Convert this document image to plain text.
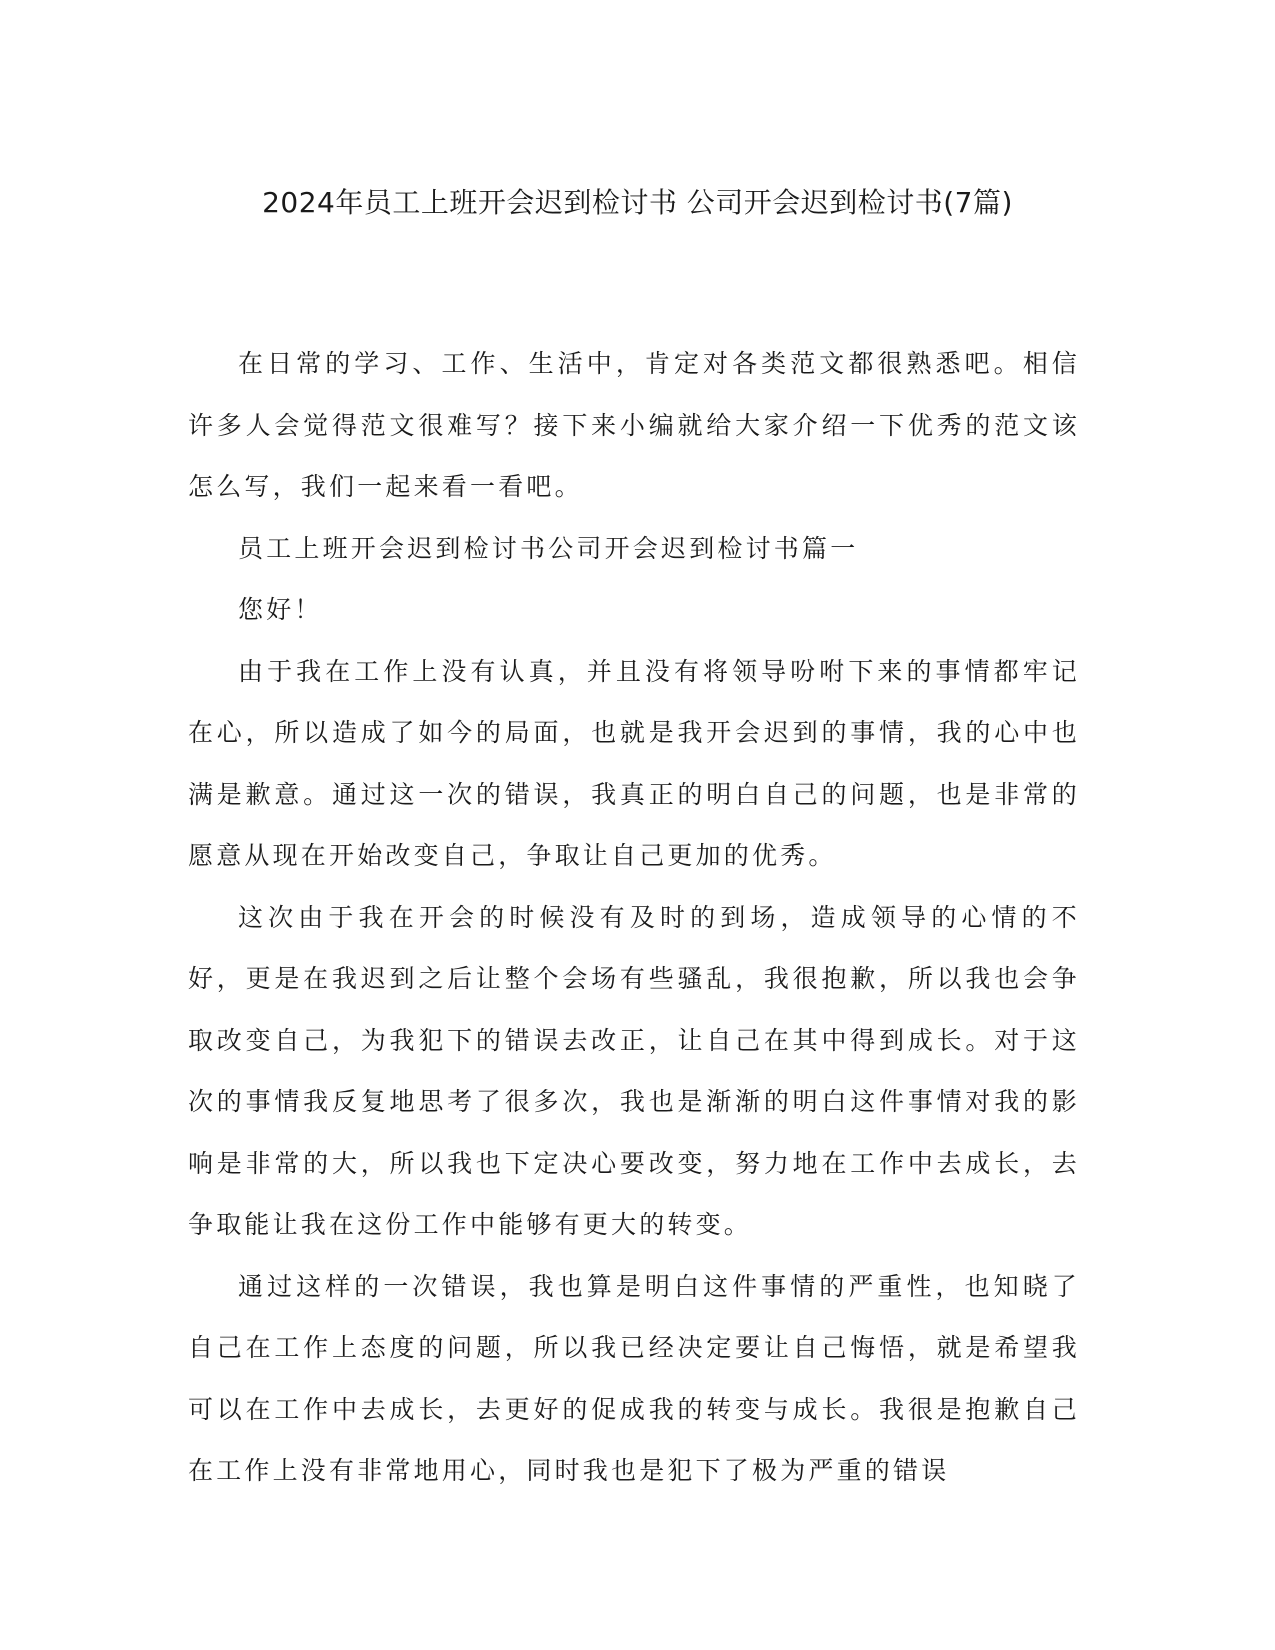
2024年员工上班开会迟到检讨书 公司开会迟到检讨书(7篇)

在日常的学习、工作、生活中，肯定对各类范文都很熟悉吧。相信许多人会觉得范文很难写？接下来小编就给大家介绍一下优秀的范文该怎么写，我们一起来看一看吧。

员工上班开会迟到检讨书公司开会迟到检讨书篇一

您好！

由于我在工作上没有认真，并且没有将领导吩咐下来的事情都牢记在心，所以造成了如今的局面，也就是我开会迟到的事情，我的心中也满是歉意。通过这一次的错误，我真正的明白自己的问题，也是非常的愿意从现在开始改变自己，争取让自己更加的优秀。

这次由于我在开会的时候没有及时的到场，造成领导的心情的不好，更是在我迟到之后让整个会场有些骚乱，我很抱歉，所以我也会争取改变自己，为我犯下的错误去改正，让自己在其中得到成长。对于这次的事情我反复地思考了很多次，我也是渐渐的明白这件事情对我的影响是非常的大，所以我也下定决心要改变，努力地在工作中去成长，去争取能让我在这份工作中能够有更大的转变。

通过这样的一次错误，我也算是明白这件事情的严重性，也知晓了自己在工作上态度的问题，所以我已经决定要让自己悔悟，就是希望我可以在工作中去成长，去更好的促成我的转变与成长。我很是抱歉自己在工作上没有非常地用心，同时我也是犯下了极为严重的错误
